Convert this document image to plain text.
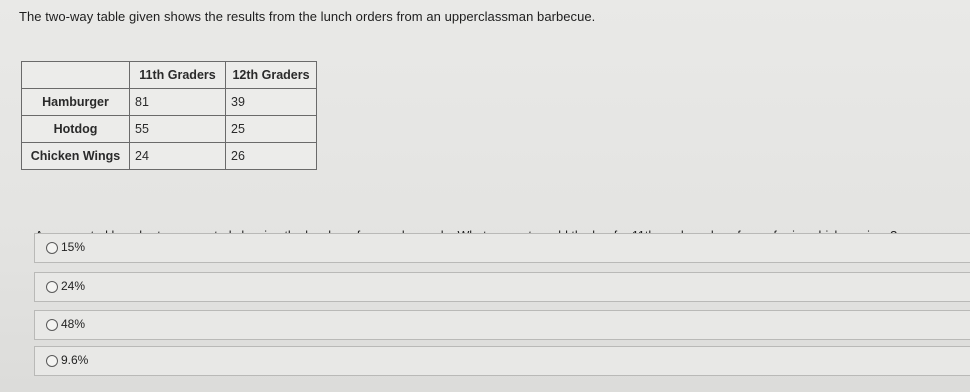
The two-way table given shows the results from the lunch orders from an upperclassman barbecue.
	11th Graders	12th Graders
Hamburger	81	39
Hotdog	55	25
Chicken Wings	24	26
15%
24%
48%
9.6%
